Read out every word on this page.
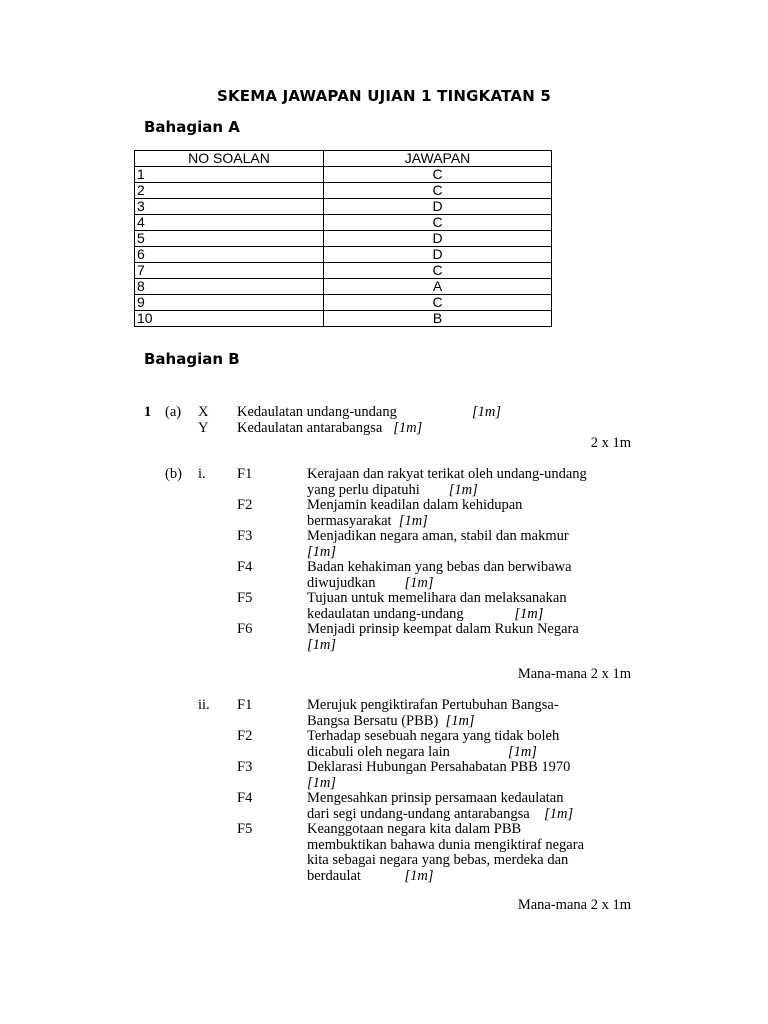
SKEMA JAWAPAN UJIAN 1 TINGKATAN 5
Bahagian A
NO SOALAN	JAWAPAN
1	C
2	C
3	D
4	C
5	D
6	D
7	C
8	A
9	C
10	B
Bahagian B
1 (a) X Kedaulatan undang-undang	[1m]
Y Kedaulatan antarabangsa [1m]
2 x 1m
(b) i. F1	Kerajaan dan rakyat terikat oleh undang-undang
yang perlu dipatuhi [1m]
F2	Menjamin keadilan dalam kehidupan
bermasyarakat [1m]
F3	Menjadikan negara aman, stabil dan makmur
[1m]
F4	Badan kehakiman yang bebas dan berwibawa
diwujudkan [1m]
F5	Tujuan untuk memelihara dan melaksanakan
kedaulatan undang-undang	[1m]
F6	Menjadi prinsip keempat dalam Rukun Negara
[1m]
Mana-mana 2 x 1m
ii. F1	Merujuk pengiktirafan Pertubuhan Bangsa-
Bangsa Bersatu (PBB) [1m]
F2	Terhadap sesebuah negara yang tidak boleh
dicabuli oleh negara lain	[1m]
F3	Deklarasi Hubungan Persahabatan PBB 1970
[1m]
F4	Mengesahkan prinsip persamaan kedaulatan
dari segi undang-undang antarabangsa [1m]
F5	Keanggotaan negara kita dalam PBB
membuktikan bahawa dunia mengiktiraf negara
kita sebagai negara yang bebas, merdeka dan
berdaulat	[1m]
Mana-mana 2 x 1m
